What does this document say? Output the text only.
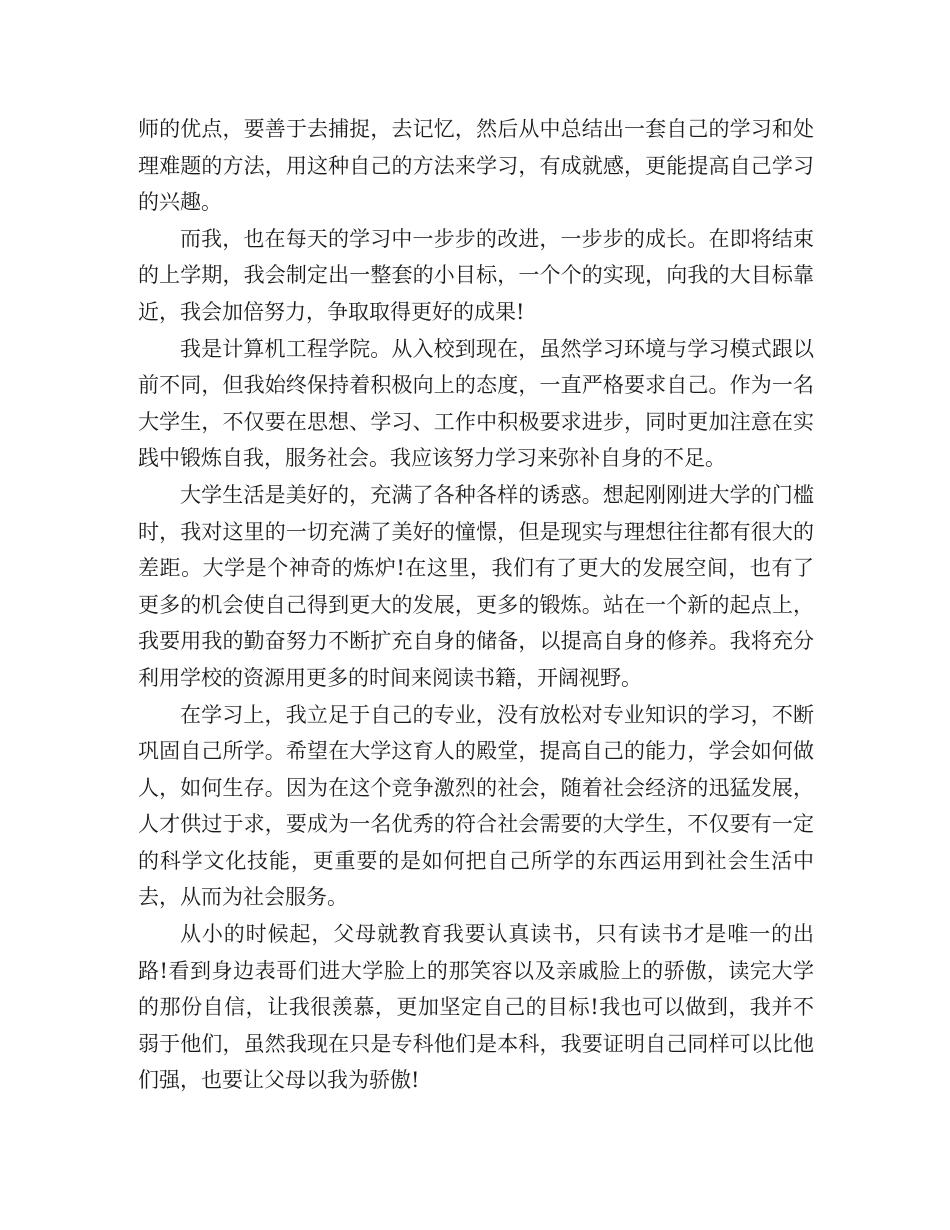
师的优点，要善于去捕捉，去记忆，然后从中总结出一套自己的学习和处理难题的方法，用这种自己的方法来学习，有成就感，更能提高自己学习的兴趣。

而我，也在每天的学习中一步步的改进，一步步的成长。在即将结束的上学期，我会制定出一整套的小目标，一个个的实现，向我的大目标靠近，我会加倍努力，争取取得更好的成果!

我是计算机工程学院。从入校到现在，虽然学习环境与学习模式跟以前不同，但我始终保持着积极向上的态度，一直严格要求自己。作为一名大学生，不仅要在思想、学习、工作中积极要求进步，同时更加注意在实践中锻炼自我，服务社会。我应该努力学习来弥补自身的不足。

大学生活是美好的，充满了各种各样的诱惑。想起刚刚进大学的门槛时，我对这里的一切充满了美好的憧憬，但是现实与理想往往都有很大的差距。大学是个神奇的炼炉!在这里，我们有了更大的发展空间，也有了更多的机会使自己得到更大的发展，更多的锻炼。站在一个新的起点上，我要用我的勤奋努力不断扩充自身的储备，以提高自身的修养。我将充分利用学校的资源用更多的时间来阅读书籍，开阔视野。

在学习上，我立足于自己的专业，没有放松对专业知识的学习，不断巩固自己所学。希望在大学这育人的殿堂，提高自己的能力，学会如何做人，如何生存。因为在这个竞争激烈的社会，随着社会经济的迅猛发展，人才供过于求，要成为一名优秀的符合社会需要的大学生，不仅要有一定的科学文化技能，更重要的是如何把自己所学的东西运用到社会生活中去，从而为社会服务。

从小的时候起，父母就教育我要认真读书，只有读书才是唯一的出路!看到身边表哥们进大学脸上的那笑容以及亲戚脸上的骄傲，读完大学的那份自信，让我很羡慕，更加坚定自己的目标!我也可以做到，我并不弱于他们，虽然我现在只是专科他们是本科，我要证明自己同样可以比他们强，也要让父母以我为骄傲!
